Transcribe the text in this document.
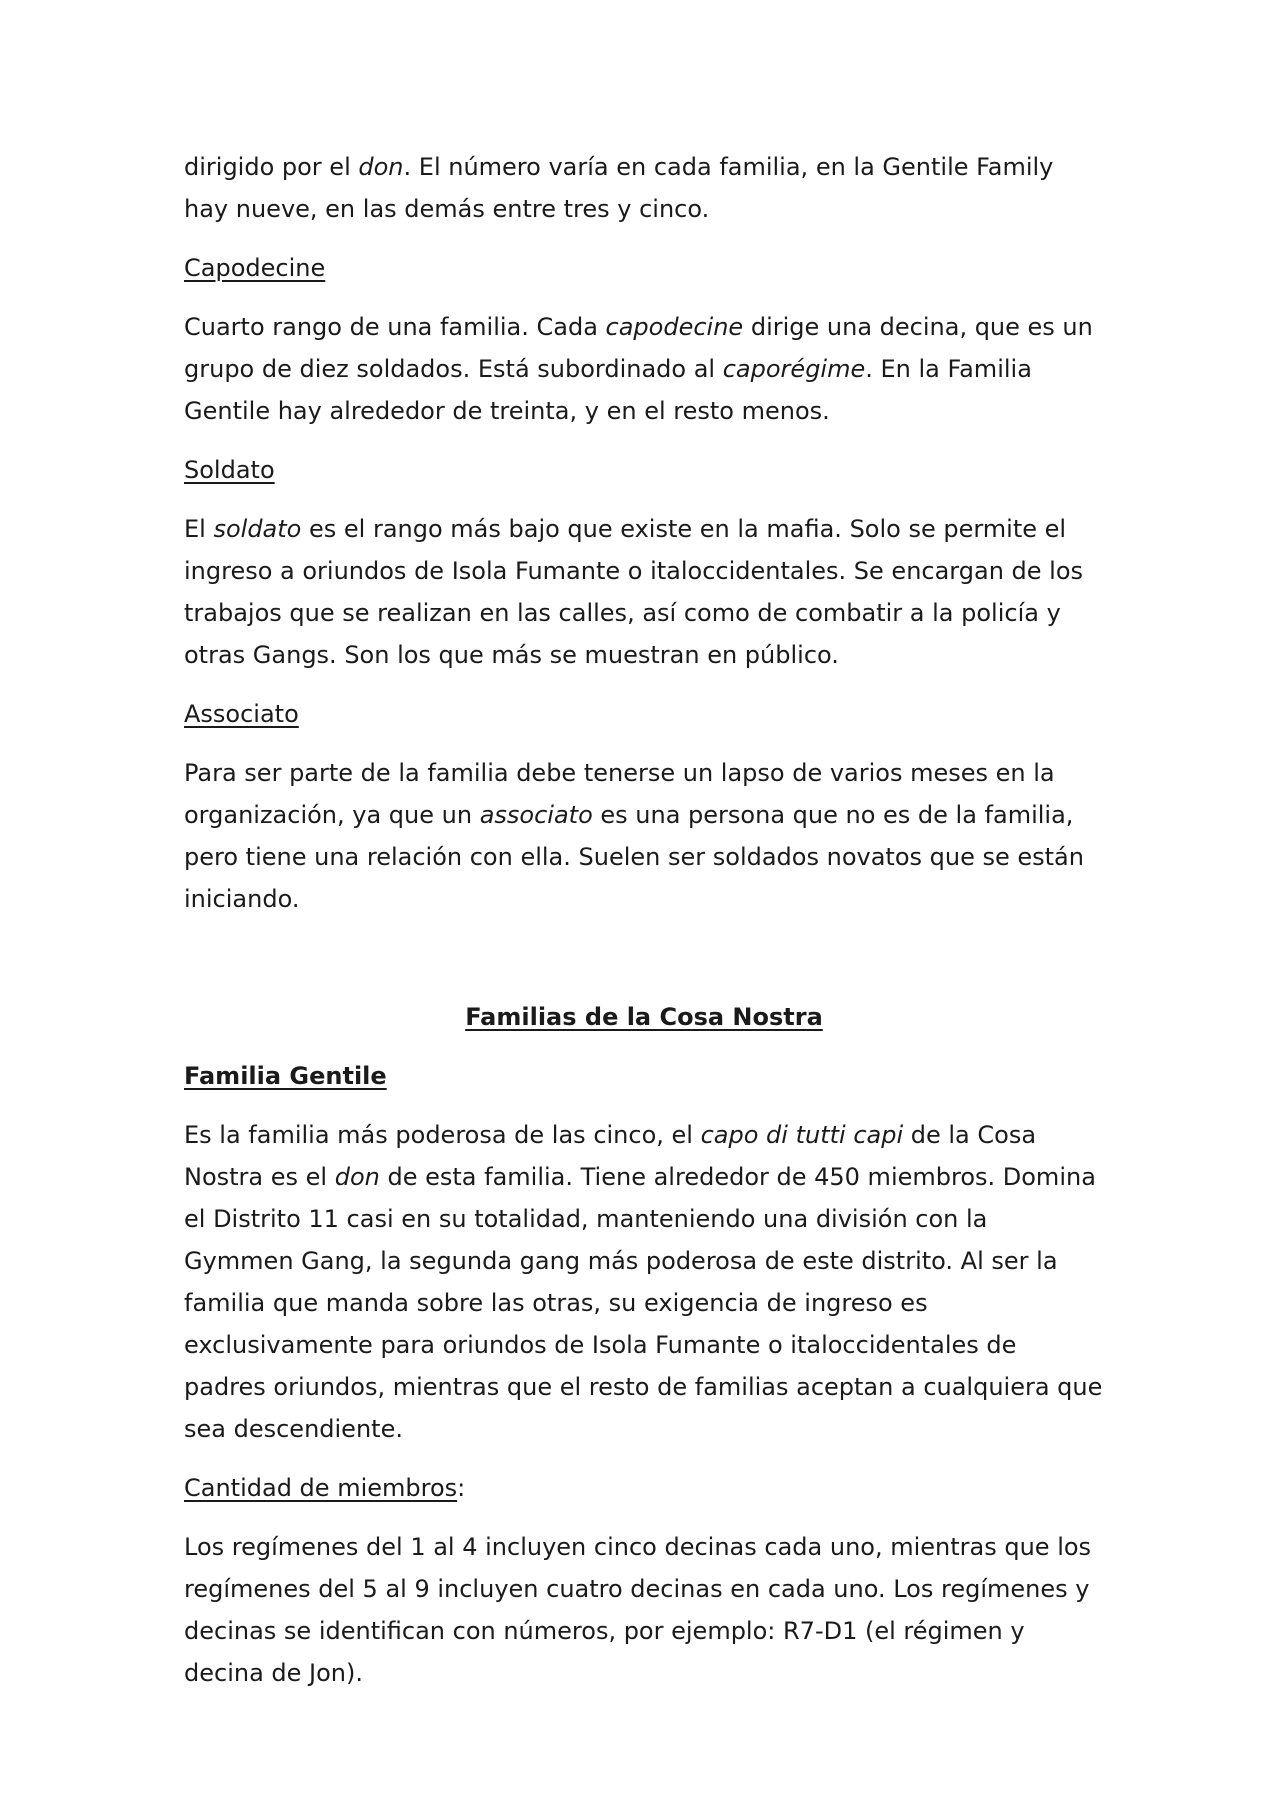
dirigido por el don. El número varía en cada familia, en la Gentile Family hay nueve, en las demás entre tres y cinco.

Capodecine

Cuarto rango de una familia. Cada capodecine dirige una decina, que es un grupo de diez soldados. Está subordinado al caporégime. En la Familia Gentile hay alrededor de treinta, y en el resto menos.

Soldato

El soldato es el rango más bajo que existe en la mafia. Solo se permite el ingreso a oriundos de Isola Fumante o italoccidentales. Se encargan de los trabajos que se realizan en las calles, así como de combatir a la policía y otras Gangs. Son los que más se muestran en público.

Associato

Para ser parte de la familia debe tenerse un lapso de varios meses en la organización, ya que un associato es una persona que no es de la familia, pero tiene una relación con ella. Suelen ser soldados novatos que se están iniciando.

Familias de la Cosa Nostra

Familia Gentile

Es la familia más poderosa de las cinco, el capo di tutti capi de la Cosa Nostra es el don de esta familia. Tiene alrededor de 450 miembros. Domina el Distrito 11 casi en su totalidad, manteniendo una división con la Gymmen Gang, la segunda gang más poderosa de este distrito. Al ser la familia que manda sobre las otras, su exigencia de ingreso es exclusivamente para oriundos de Isola Fumante o italoccidentales de padres oriundos, mientras que el resto de familias aceptan a cualquiera que sea descendiente.

Cantidad de miembros:

Los regímenes del 1 al 4 incluyen cinco decinas cada uno, mientras que los regímenes del 5 al 9 incluyen cuatro decinas en cada uno. Los regímenes y decinas se identifican con números, por ejemplo: R7-D1 (el régimen y decina de Jon).
